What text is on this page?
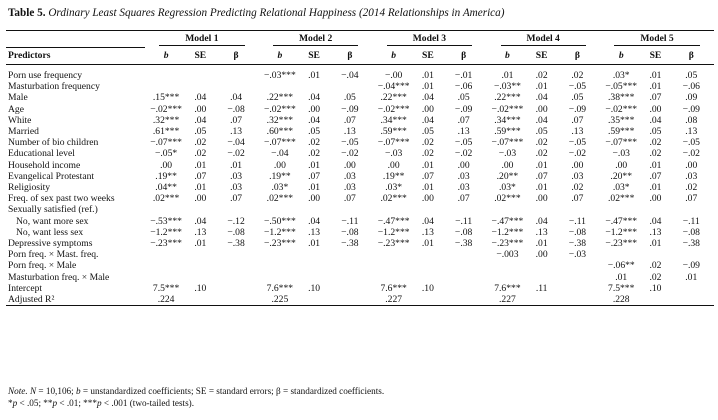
Table 5. Ordinary Least Squares Regression Predicting Relational Happiness (2014 Relationships in America)
	Model 1			Model 2			Model 3			Model 4			Model 5		
Predictors	b	SE	β	b	SE	β	b	SE	β	b	SE	β	b	SE	β

Porn use frequency				−.03***	.01	−.04	−.00	.01	−.01	.01	.02	.02	.03*	.01	.05
Masturbation frequency							−.04***	.01	−.06	−.03**	.01	−.05	−.05***	.01	−.06
Male	.15***	.04	.04	.22***	.04	.05	.22***	.04	.05	.22***	.04	.05	.38***	.07	.09
Age	−.02***	.00	−.08	−.02***	.00	−.09	−.02***	.00	−.09	−.02***	.00	−.09	−.02***	.00	−.09
White	.32***	.04	.07	.32***	.04	.07	.34***	.04	.07	.34***	.04	.07	.35***	.04	.08
Married	.61***	.05	.13	.60***	.05	.13	.59***	.05	.13	.59***	.05	.13	.59***	.05	.13
Number of bio children	−.07***	.02	−.04	−.07***	.02	−.05	−.07***	.02	−.05	−.07***	.02	−.05	−.07***	.02	−.05
Educational level	−.05*	.02	−.02	−.04	.02	−.02	−.03	.02	−.02	−.03	.02	−.02	−.03	.02	−.02
Household income	.00	.01	.01	.00	.01	.00	.00	.01	.00	.00	.01	.00	.00	.01	.00
Evangelical Protestant	.19**	.07	.03	.19**	.07	.03	.19**	.07	.03	.20**	.07	.03	.20**	.07	.03
Religiosity	.04**	.01	.03	.03*	.01	.03	.03*	.01	.03	.03*	.01	.02	.03*	.01	.02
Freq. of sex past two weeks	.02***	.00	.07	.02***	.00	.07	.02***	.00	.07	.02***	.00	.07	.02***	.00	.07
Sexually satisfied (ref.)															
No, want more sex	−.53***	.04	−.12	−.50***	.04	−.11	−.47***	.04	−.11	−.47***	.04	−.11	−.47***	.04	−.11
No, want less sex	−1.2***	.13	−.08	−1.2***	.13	−.08	−1.2***	.13	−.08	−1.2***	.13	−.08	−1.2***	.13	−.08
Depressive symptoms	−.23***	.01	−.38	−.23***	.01	−.38	−.23***	.01	−.38	−.23***	.01	−.38	−.23***	.01	−.38
Porn freq. × Mast. freq.										−.003	.00	−.03			
Porn freq. × Male													−.06**	.02	−.09
Masturbation freq. × Male													.01	.02	.01
Intercept	7.5***	.10		7.6***	.10		7.6***	.10		7.6***	.11		7.5***	.10	
Adjusted R²	.224			.225			.227			.227			.228		
Note. N = 10,106; b = unstandardized coefficients; SE = standard errors; β = standardized coefficients.
*p < .05; **p < .01; ***p < .001 (two-tailed tests).
